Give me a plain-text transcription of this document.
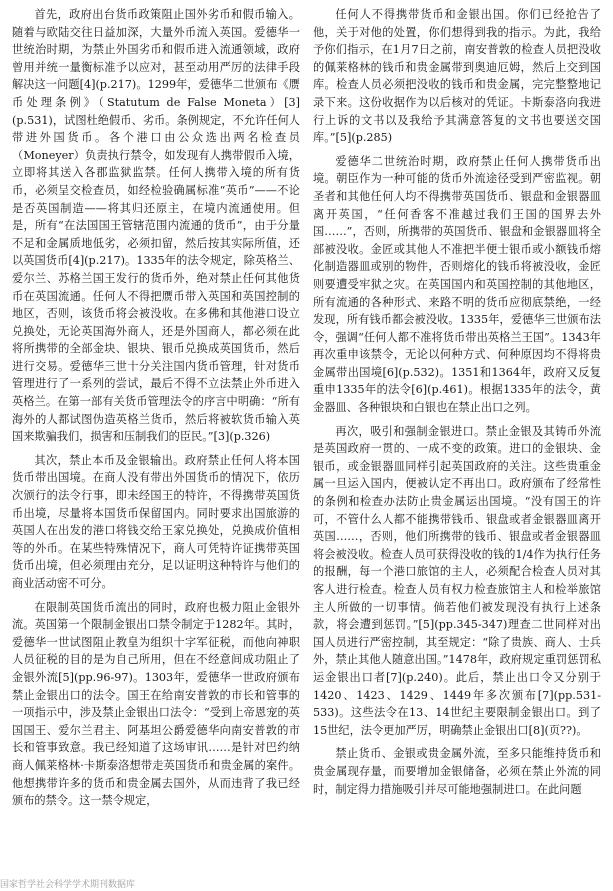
首先，政府出台货币政策阻止国外劣币和假币输入。随着与欧陆交往日益加深，大量外币流入英国。爱德华一世统治时期，为禁止外国劣币和假币进入流通领域，政府曾用并统一量衡标准予以应对，甚至动用严厉的法律手段解决这一问题[4](p.217)。1299年，爱德华二世颁布《赝币处理条例》（Statutum de False Moneta）[3](p.531)，试图杜绝假币、劣币。条例规定，不允许任何人带进外国货币。各个港口由公众选出两名检查员（Moneyer）负责执行禁令，如发现有人携带假币入境，立即将其送入各郡监狱监禁。任何人携带入境的所有货币，必须呈交检查员，如经检验确属标准“英币”——不论是否英国制造——将其归还原主，在境内流通使用。但是，所有“在法国国王管辖范围内流通的货币”，由于分量不足和金属质地低劣，必须扣留，然后按其实际所值，还以英国货币[4](p.217)。1335年的法令规定，除英格兰、爱尔兰、苏格兰国王发行的货币外，绝对禁止任何其他货币在英国流通。任何人不得把赝币带入英国和英国控制的地区，否则，该货币将会被没收。在多佛和其他港口设立兑换处，无论英国海外商人，还是外国商人，都必须在此将所携带的全部金块、银块、银币兑换成英国货币，然后进行交易。爱德华三世十分关注国内货币管理，针对货币管理进行了一系列的尝试，最后不得不立法禁止外币进入英格兰。在第一部有关货币管理法令的序言中明确：“所有海外的人都试图伪造英格兰货币，然后将被软货币输入英国来欺骗我们，损害和压制我们的臣民。”[3](p.326)

其次，禁止本币及金银输出。政府禁止任何人将本国货币带出国境。在商人没有带出外国货币的情况下，依历次颁行的法令行事，即未经国王的特许，不得携带英国货币出境，尽量将本国货币保留国内。同时要求出国旅游的英国人在出发的港口将钱交给王家兑换处，兑换成价值相等的外币。在某些特殊情况下，商人可凭特许证携带英国货币出境，但必须理由充分，足以证明这种特许与他们的商业活动密不可分。

在限制英国货币流出的同时，政府也极力阻止金银外流。英国第一个限制金银出口禁令制定于1282年。其时，爱德华一世试图阻止教皇为组织十字军征税，而他向神职人员征税的目的是为自己所用，但在不经意间成功阻止了金银外流[5](pp.96-97)。1303年，爱德华一世政府颁布禁止金银出口的法令。国王在给南安普敦的市长和管事的一项指示中，涉及禁止金银出口法令：“受到上帝恩宠的英国国王、爱尔兰君主、阿基坦公爵爱德华向南安普敦的市长和管事致意。我已经知道了这场审讯……是针对巴约纳商人佩莱格林·卡斯泰洛想带走英国货币和贵金属的案件。他想携带许多的货币和贵金属去国外，从而违背了我已经颁布的禁令。这一禁令规定，

任何人不得携带货币和金银出国。你们已经抢告了他，关于对他的处置，你们想得到我的指示。为此，我给予你们指示，在1月7日之前，南安普敦的检查人员把没收的佩莱格林的钱币和贵金属带到奥迪厄姆，然后上交到国库。检查人员必须把没收的钱币和贵金属，完完整整地记录下来。这份收据作为以后核对的凭证。卡斯泰洛向我进行上诉的文书以及我给予其满意答复的文书也要送交国库。”[5](p.285)

爱德华二世统治时期，政府禁止任何人携带货币出境。朝臣作为一种可能的货币外流途径受到严密监视。朝圣者和其他任何人均不得携带英国货币、银盘和金银器皿离开英国，“任何香客不准越过我们王国的国界去外国……”，否则，所携带的英国货币、银盘和金银器皿将全部被没收。金匠或其他人不准把半便士银币或小额钱币熔化制造器皿或别的物件，否则熔化的钱币将被没收，金匠则要遭受牢狱之灾。在英国国内和英国控制的其他地区，所有流通的各种形式、来路不明的货币应彻底禁绝，一经发现，所有钱币都会被没收。1335年，爱德华三世颁布法令，强调“任何人都不准将货币带出英格兰王国”。1343年再次重申该禁令，无论以何种方式、何种原因均不得将贵金属带出国境[6](p.532)。1351和1364年，政府又反复重申1335年的法令[6](p.461)。根据1335年的法令，黄金器皿、各种银块和白银也在禁止出口之列。

再次，吸引和强制金银进口。禁止金银及其铸币外流是英国政府一贯的、一成不变的政策。进口的金银块、金银币，或金银器皿同样引起英国政府的关注。这些贵重金属一旦运入国内，便被认定不再出口。政府颁布了经常性的条例和检查办法防止贵金属运出国境。“没有国王的许可，不管什么人都不能携带钱币、银盘或者金银器皿离开英国……，否则，他们所携带的钱币、银盘或者金银器皿将会被没收。检查人员可获得没收的钱的1/4作为执行任务的报酬，每一个港口旅馆的主人，必须配合检查人员对其客人进行检查。检查人员有权力检查旅馆主人和检举旅馆主人所做的一切事情。倘若他们被发现没有执行上述条款，将会遭到惩罚。”[5](pp.345-347)理查二世同样对出国人员进行严密控制，其至规定：“除了贵族、商人、士兵外，禁止其他人随意出国。”1478年，政府规定重罚惩罚私运金银出口者[7](p.240)。此后，禁止出口令又分别于1420、1423、1429、1449年多次颁布[7](pp.531-533)。这些法令在13、14世纪主要限制金银出口。到了15世纪，法令更加严厉，明确禁止金银出口[8](页??)。

禁止货币、金银或贵金属外流，至多只能维持货币和贵金属现存量，而要增加金银储备，必须在禁止外流的同时，制定得力措施吸引并尽可能地强制进口。在此问题

国家哲学社会科学学术期刊数据库
